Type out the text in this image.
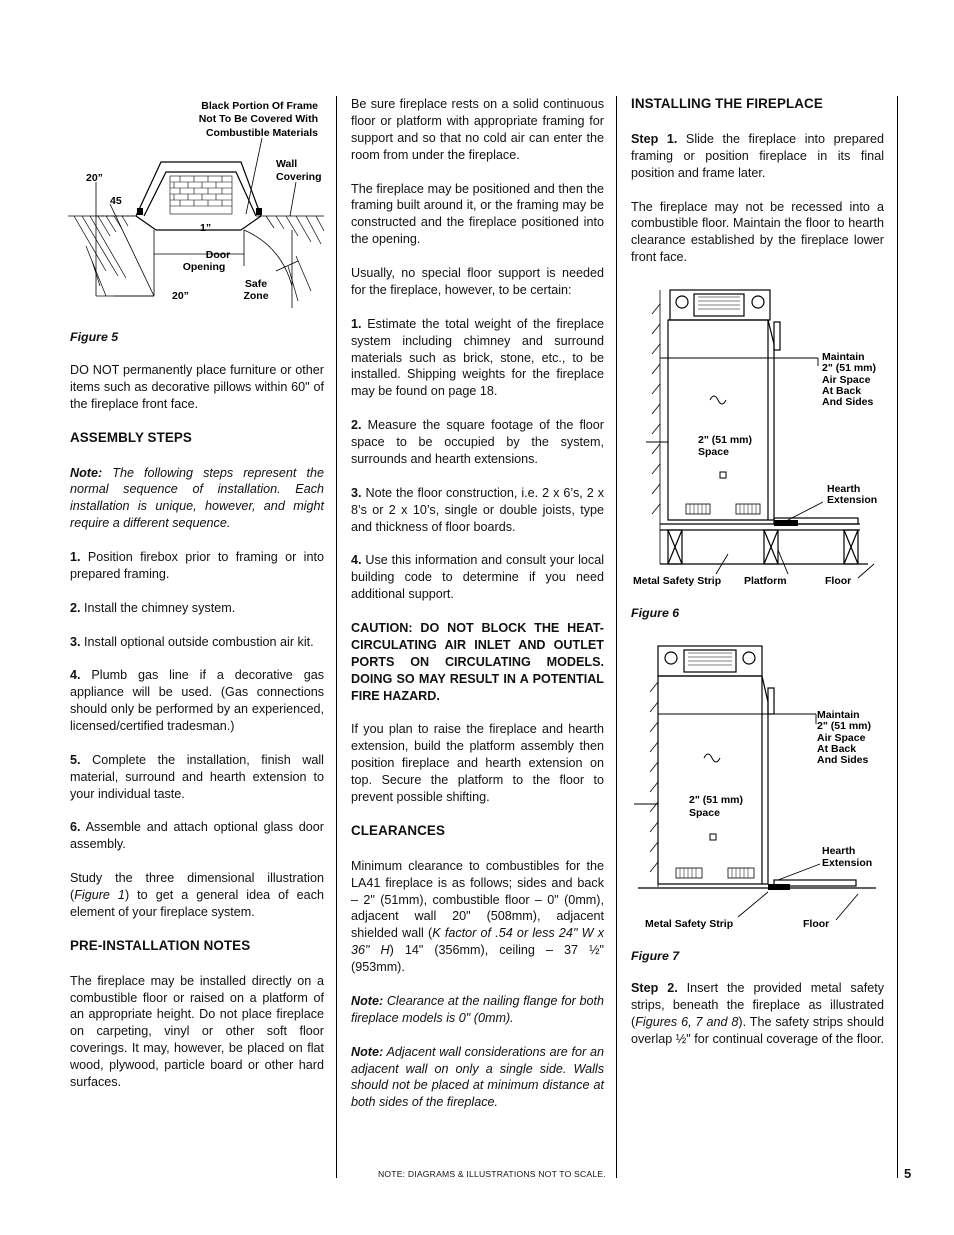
Black Portion Of Frame
Not To Be Covered With
Combustible Materials
Wall
Covering
20”
45
1”
Door
Opening
Safe
Zone
20”
Figure 5

DO NOT permanently place furniture or other items such as decorative pillows within 60" of the fireplace front face.

ASSEMBLY STEPS

Note: The following steps represent the normal sequence of installation. Each installation is unique, however, and might require a different sequence.

1. Position firebox prior to framing or into prepared framing.

2. Install the chimney system.

3. Install optional outside combustion air kit.

4. Plumb gas line if a decorative gas appliance will be used. (Gas connections should only be performed by an experienced, licensed/certified tradesman.)

5. Complete the installation, finish wall material, surround and hearth extension to your individual taste.

6. Assemble and attach optional glass door assembly.

Study the three dimensional illustration (Figure 1) to get a general idea of each element of your fireplace system.

PRE-INSTALLATION NOTES

The fireplace may be installed directly on a combustible floor or raised on a platform of an appropriate height. Do not place fireplace on carpeting, vinyl or other soft floor coverings. It may, however, be placed on flat wood, plywood, particle board or other hard surfaces.

Be sure fireplace rests on a solid continuous floor or platform with appropriate framing for support and so that no cold air can enter the room from under the fireplace.

The fireplace may be positioned and then the framing built around it, or the framing may be constructed and the fireplace positioned into the opening.

Usually, no special floor support is needed for the fireplace, however, to be certain:

1. Estimate the total weight of the fireplace system including chimney and surround materials such as brick, stone, etc., to be installed. Shipping weights for the fireplace may be found on page 18.

2. Measure the square footage of the floor space to be occupied by the system, surrounds and hearth extensions.

3. Note the floor construction, i.e. 2 x 6’s, 2 x 8’s or 2 x 10’s, single or double joists, type and thickness of floor boards.

4. Use this information and consult your local building code to determine if you need additional support.

CAUTION: DO NOT BLOCK THE HEAT-CIRCULATING AIR INLET AND OUTLET PORTS ON CIRCULATING MODELS. DOING SO MAY RESULT IN A POTENTIAL FIRE HAZARD.

If you plan to raise the fireplace and hearth extension, build the platform assembly then position fireplace and hearth extension on top. Secure the platform to the floor to prevent possible shifting.

CLEARANCES

Minimum clearance to combustibles for the LA41 fireplace is as follows; sides and back – 2" (51mm), combustible floor – 0" (0mm), adjacent wall 20" (508mm), adjacent shielded wall (K factor of .54 or less 24" W x 36" H) 14" (356mm), ceiling – 37 ½" (953mm).

Note: Clearance at the nailing flange for both fireplace models is 0" (0mm).

Note: Adjacent wall considerations are for an adjacent wall on only a single side. Walls should not be placed at minimum distance at both sides of the fireplace.

INSTALLING THE FIREPLACE

Step 1. Slide the fireplace into prepared framing or position fireplace in its final position and frame later.

The fireplace may not be recessed into a combustible floor. Maintain the floor to hearth clearance established by the fireplace lower front face.

Maintain
2" (51 mm)
Air Space
At Back
And Sides
2" (51 mm)
Space
Hearth
Extension
Metal Safety Strip Platform	Floor
Figure 6
Maintain
2" (51 mm)
Air Space
At Back
And Sides
2" (51 mm)
Space
Hearth
Extension
Metal Safety Strip	Floor
Figure 7

Step 2. Insert the provided metal safety strips, beneath the fireplace as illustrated (Figures 6, 7 and 8). The safety strips should overlap ½" for continual coverage of the floor.

NOTE: DIAGRAMS & ILLUSTRATIONS NOT TO SCALE.	5
